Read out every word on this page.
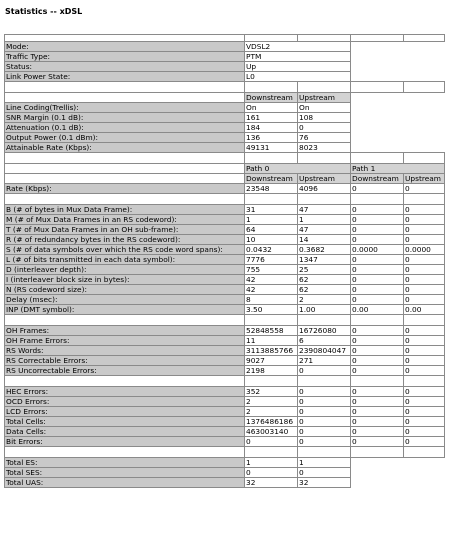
Statistics -- xDSL

Mode:	VDSL2			
Traffic Type:	PTM			
Status:	Up			
Link Power State:	L0			

	Downstream	Upstream		
Line Coding(Trellis):	On	On		
SNR Margin (0.1 dB):	161	108		
Attenuation (0.1 dB):	184	0		
Output Power (0.1 dBm):	136	76		
Attainable Rate (Kbps):	49131	8023		

	Path 0		Path 1	
	Downstream	Upstream	Downstream	Upstream
Rate (Kbps):	23548	4096	0	0

B (# of bytes in Mux Data Frame):	31	47	0	0
M (# of Mux Data Frames in an RS codeword):	1	1	0	0
T (# of Mux Data Frames in an OH sub-frame):	64	47	0	0
R (# of redundancy bytes in the RS codeword):	10	14	0	0
S (# of data symbols over which the RS code word spans):	0.0432	0.3682	0.0000	0.0000
L (# of bits transmitted in each data symbol):	7776	1347	0	0
D (interleaver depth):	755	25	0	0
I (interleaver block size in bytes):	42	62	0	0
N (RS codeword size):	42	62	0	0
Delay (msec):	8	2	0	0
INP (DMT symbol):	3.50	1.00	0.00	0.00

OH Frames:	52848558	16726080	0	0
OH Frame Errors:	11	6	0	0
RS Words:	3113885766	2390804047	0	0
RS Correctable Errors:	9027	271	0	0
RS Uncorrectable Errors:	2198	0	0	0

HEC Errors:	352	0	0	0
OCD Errors:	2	0	0	0
LCD Errors:	2	0	0	0
Total Cells:	1376486186	0	0	0
Data Cells:	463003140	0	0	0
Bit Errors:	0	0	0	0

Total ES:	1	1		
Total SES:	0	0		
Total UAS:	32	32		
